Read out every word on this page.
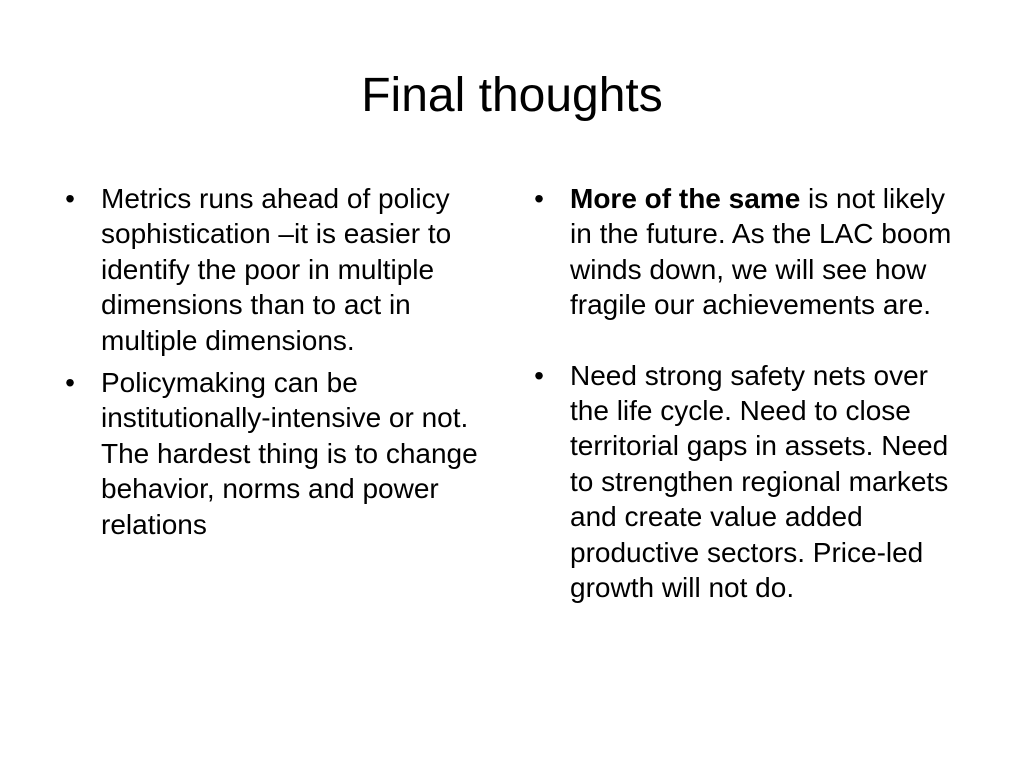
Final thoughts
• Metrics runs ahead of policy sophistication –it is easier to identify the poor in multiple dimensions than to act in multiple dimensions.
• Policymaking can be institutionally-intensive or not. The hardest thing is to change behavior, norms and power relations
• More of the same is not likely in the future. As the LAC boom winds down, we will see how fragile our achievements are.
• Need strong safety nets over the life cycle. Need to close territorial gaps in assets. Need to strengthen regional markets and create value added productive sectors. Price-led growth will not do.
